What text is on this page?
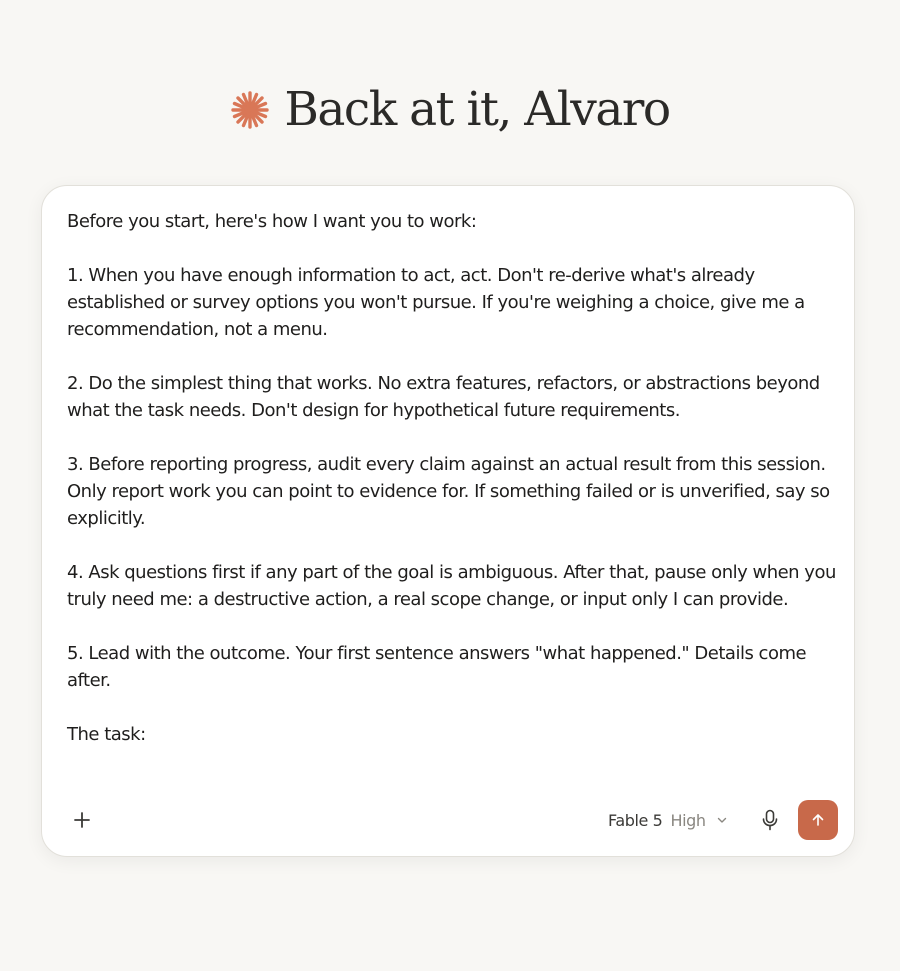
Back at it, Alvaro
Before you start, here's how I want you to work:

1. When you have enough information to act, act. Don't re-derive what's already established or survey options you won't pursue. If you're weighing a choice, give me a recommendation, not a menu.

2. Do the simplest thing that works. No extra features, refactors, or abstractions beyond what the task needs. Don't design for hypothetical future requirements.

3. Before reporting progress, audit every claim against an actual result from this session. Only report work you can point to evidence for. If something failed or is unverified, say so explicitly.

4. Ask questions first if any part of the goal is ambiguous. After that, pause only when you truly need me: a destructive action, a real scope change, or input only I can provide.

5. Lead with the outcome. Your first sentence answers "what happened." Details come after.

The task:
Fable 5 High
